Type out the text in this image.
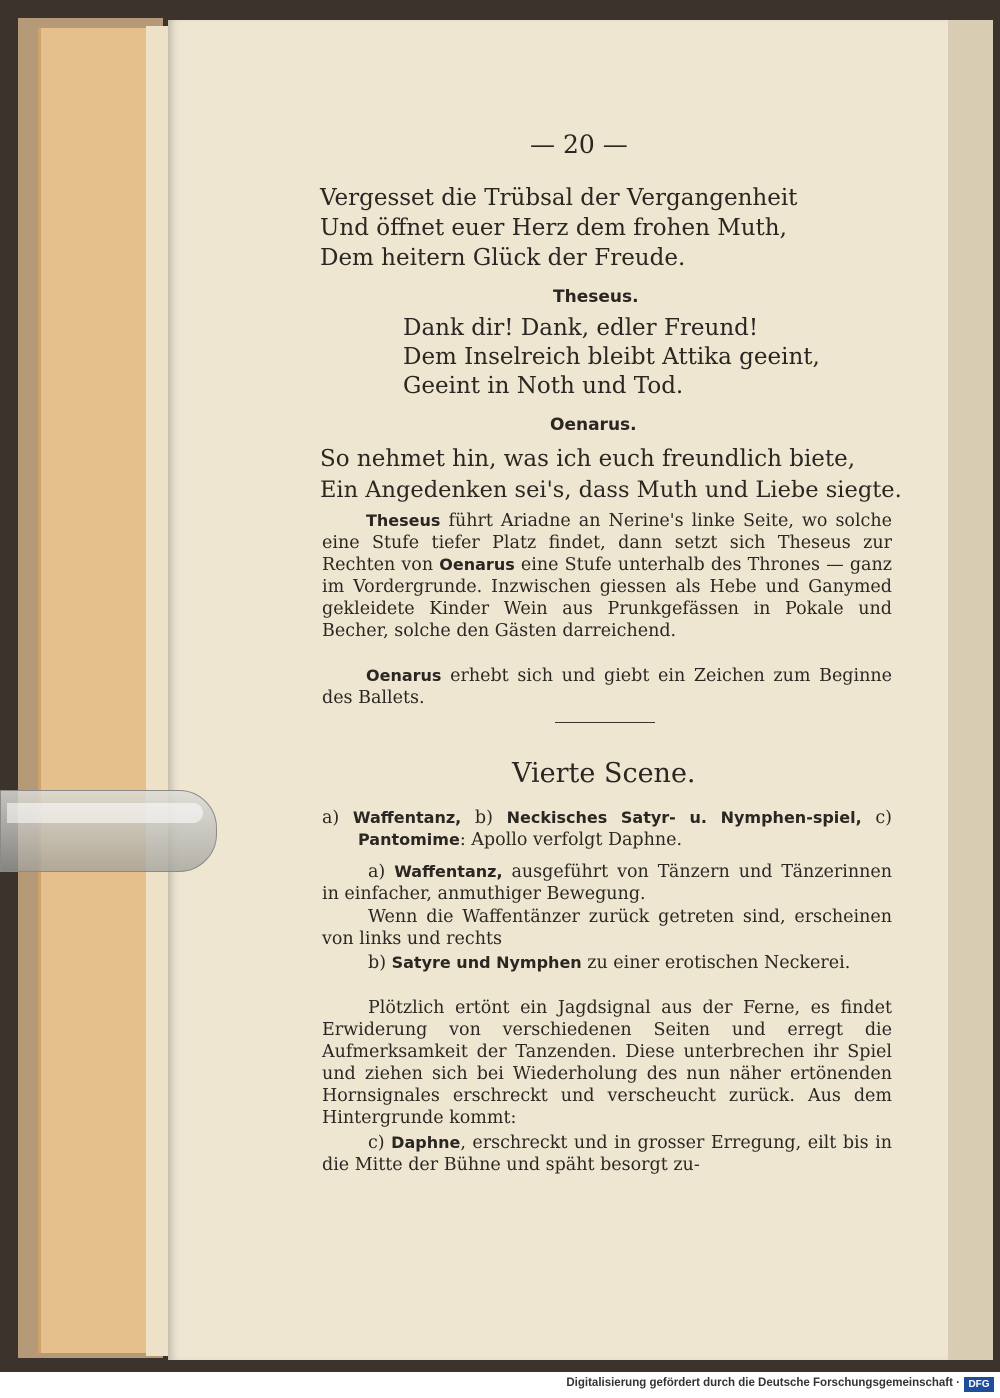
— 20 —
Vergesset die Trübsal der Vergangenheit
Und öffnet euer Herz dem frohen Muth,
Dem heitern Glück der Freude.
Theseus.
Dank dir! Dank, edler Freund!
Dem Inselreich bleibt Attika geeint,
Geeint in Noth und Tod.
Oenarus.
So nehmet hin, was ich euch freundlich biete,
Ein Angedenken sei's, dass Muth und Liebe siegte.
Theseus führt Ariadne an Nerine's linke Seite, wo solche eine Stufe tiefer Platz findet, dann setzt sich Theseus zur Rechten von Oenarus eine Stufe unterhalb des Thrones — ganz im Vordergrunde. Inzwischen giessen als Hebe und Ganymed gekleidete Kinder Wein aus Prunkgefässen in Pokale und Becher, solche den Gästen darreichend.
Oenarus erhebt sich und giebt ein Zeichen zum Beginne des Ballets.
Vierte Scene.
a) Waffentanz, b) Neckisches Satyr- u. Nymphen-spiel, c) Pantomime: Apollo verfolgt Daphne.
a) Waffentanz, ausgeführt von Tänzern und Tänzerinnen in einfacher, anmuthiger Bewegung.
Wenn die Waffentänzer zurück getreten sind, erscheinen von links und rechts
b) Satyre und Nymphen zu einer erotischen Neckerei.
Plötzlich ertönt ein Jagdsignal aus der Ferne, es findet Erwiderung von verschiedenen Seiten und erregt die Aufmerksamkeit der Tanzenden. Diese unterbrechen ihr Spiel und ziehen sich bei Wiederholung des nun näher ertönenden Hornsignales erschreckt und verscheucht zurück. Aus dem Hintergrunde kommt:
c) Daphne, erschreckt und in grosser Erregung, eilt bis in die Mitte der Bühne und späht besorgt zu-
Digitalisierung gefördert durch die Deutsche Forschungsgemeinschaft · DFG
